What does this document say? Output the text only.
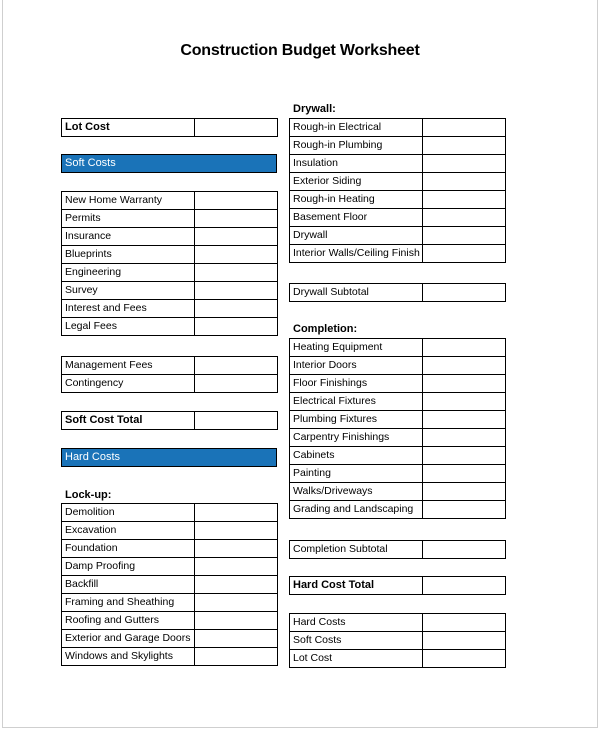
Construction Budget Worksheet
Lot Cost	
Soft Costs
New Home Warranty	
Permits	
Insurance	
Blueprints	
Engineering	
Survey	
Interest and Fees	
Legal Fees	
Management Fees	
Contingency	
Soft Cost Total	
Hard Costs
Lock-up:
Demolition	
Excavation	
Foundation	
Damp Proofing	
Backfill	
Framing and Sheathing	
Roofing and Gutters	
Exterior and Garage Doors	
Windows and Skylights	
Drywall:
Rough-in Electrical	
Rough-in Plumbing	
Insulation	
Exterior Siding	
Rough-in Heating	
Basement Floor	
Drywall	
Interior Walls/Ceiling Finish	
Drywall Subtotal	
Completion:
Heating Equipment	
Interior Doors	
Floor Finishings	
Electrical Fixtures	
Plumbing Fixtures	
Carpentry Finishings	
Cabinets	
Painting	
Walks/Driveways	
Grading and Landscaping	
Completion Subtotal	
Hard Cost Total	
Hard Costs	
Soft Costs	
Lot Cost	
